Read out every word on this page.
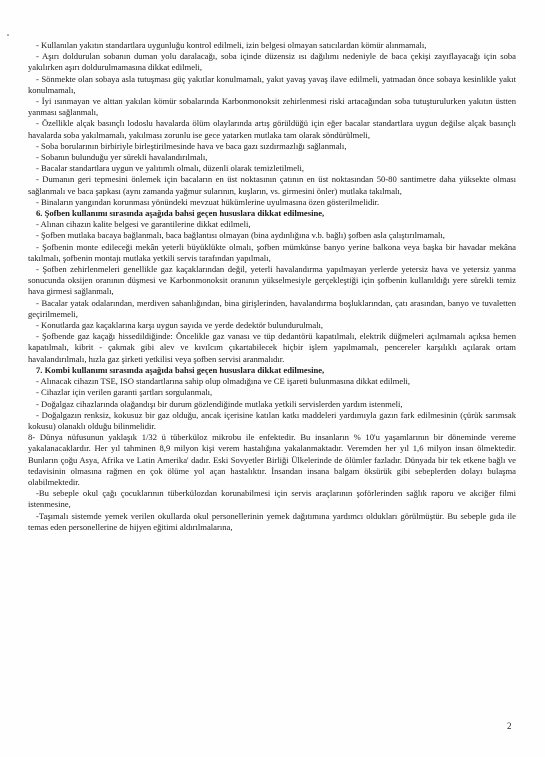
- Kullanılan yakıtın standartlara uygunluğu kontrol edilmeli, izin belgesi olmayan satıcılardan kömür alınmamalı,

- Aşırı doldurulan sobanın duman yolu daralacağı, soba içinde düzensiz ısı dağılımı nedeniyle de baca çekişi zayıflayacağı için soba yakılırken aşırı doldurulmamasına dikkat edilmeli,

- Sönmekte olan sobaya asla tutuşması güç yakıtlar konulmamalı, yakıt yavaş yavaş ilave edilmeli, yatmadan önce sobaya kesinlikle yakıt konulmamalı,

- İyi ısınmayan ve alttan yakılan kömür sobalarında Karbonmonoksit zehirlenmesi riski artacağından soba tutuşturulurken yakıtın üstten yanması sağlanmalı,

- Özellikle alçak basınçlı lodoslu havalarda ölüm olaylarında artış görüldüğü için eğer bacalar standartlara uygun değilse alçak basınçlı havalarda soba yakılmamalı, yakılması zorunlu ise gece yatarken mutlaka tam olarak söndürülmeli,

- Soba borularının birbiriyle birleştirilmesinde hava ve baca gazı sızdırmazlığı sağlanmalı,

- Sobanın bulunduğu yer sürekli havalandırılmalı,

- Bacalar standartlara uygun ve yalıtımlı olmalı, düzenli olarak temizletilmeli,

- Dumanın geri tepmesini önlemek için bacaların en üst noktasının çatının en üst noktasından 50-80 santimetre daha yüksekte olması sağlanmalı ve baca şapkası (aynı zamanda yağmur sularının, kuşların, vs. girmesini önler) mutlaka takılmalı,

- Binaların yangından korunması yönündeki mevzuat hükümlerine uyulmasına özen gösterilmelidir.

6. Şofben kullanımı sırasında aşağıda bahsi geçen hususlara dikkat edilmesine,

- Alınan cihazın kalite belgesi ve garantilerine dikkat edilmeli,

- Şofben mutlaka bacaya bağlanmalı, baca bağlantısı olmayan (bina aydınlığına v.b. bağlı) şofben asla çalıştırılmamalı,

- Şofbenin monte edileceği mekân yeterli büyüklükte olmalı, şofben mümkünse banyo yerine balkona veya başka bir havadar mekâna takılmalı, şofbenin montajı mutlaka yetkili servis tarafından yapılmalı,

- Şofben zehirlenmeleri genellikle gaz kaçaklarından değil, yeterli havalandırma yapılmayan yerlerde yetersiz hava ve yetersiz yanma sonucunda oksijen oranının düşmesi ve Karbonmonoksit oranının yükselmesiyle gerçekleştiği için şofbenin kullanıldığı yere sürekli temiz hava girmesi sağlanmalı,

- Bacalar yatak odalarından, merdiven sahanlığından, bina girişlerinden, havalandırma boşluklarından, çatı arasından, banyo ve tuvaletten geçirilmemeli,

- Konutlarda gaz kaçaklarına karşı uygun sayıda ve yerde dedektör bulundurulmalı,

- Şofbende gaz kaçağı hissedildiğinde: Öncelikle gaz vanası ve tüp dedantörü kapatılmalı, elektrik düğmeleri açılmamalı açıksa hemen kapatılmalı, kibrit - çakmak gibi alev ve kıvılcım çıkartabilecek hiçbir işlem yapılmamalı, pencereler karşılıklı açılarak ortam havalandırılmalı, hızla gaz şirketi yetkilisi veya şofben servisi aranmalıdır.

7. Kombi kullanımı sırasında aşağıda bahsi geçen hususlara dikkat edilmesine,

- Alınacak cihazın TSE, ISO standartlarına sahip olup olmadığına ve CE işareti bulunmasına dikkat edilmeli,

- Cihazlar için verilen garanti şartları sorgulanmalı,

- Doğalgaz cihazlarında olağandışı bir durum gözlendiğinde mutlaka yetkili servislerden yardım istenmeli,

- Doğalgazın renksiz, kokusuz bir gaz olduğu, ancak içerisine katılan katkı maddeleri yardımıyla gazın fark edilmesinin (çürük sarımsak kokusu) olanaklı olduğu bilinmelidir.

8- Dünya nüfusunun yaklaşık 1/32 ü tüberküloz mikrobu ile enfektedir. Bu insanların % 10'u yaşamlarının bir döneminde vereme yakalanacaklardır. Her yıl tahminen 8,9 milyon kişi verem hastalığına yakalanmaktadır. Veremden her yıl 1,6 milyon insan ölmektedir. Bunların çoğu Asya, Afrika ve Latin Amerika' dadır. Eski Sovyetler Birliği Ülkelerinde de ölümler fazladır. Dünyada bir tek etkene bağlı ve tedavisinin olmasına rağmen en çok ölüme yol açan hastalıktır. İnsandan insana balgam öksürük gibi sebeplerden dolayı bulaşma olabilmektedir.

-Bu sebeple okul çağı çocuklarının tüberkülozdan korunabilmesi için servis araçlarının şoförlerinden sağlık raporu ve akciğer filmi istenmesine,

-Taşımalı sistemde yemek verilen okullarda okul personellerinin yemek dağıtımına yardımcı oldukları görülmüştür. Bu sebeple gıda ile temas eden personellerine de hijyen eğitimi aldırılmalarına,

2
